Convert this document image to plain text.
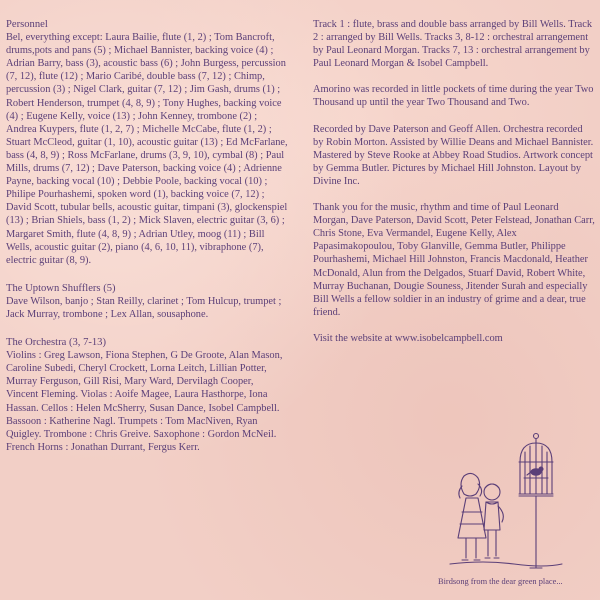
Personnel

Bel, everything except: Laura Bailie, flute (1, 2) ; Tom Bancroft, drums,pots and pans (5) ; Michael Bannister, backing voice (4) ; Adrian Barry, bass (3), acoustic bass (6) ; John Burgess, percussion (7, 12), flute (12) ; Mario Caribé, double bass (7, 12) ; Chimp, percussion (3) ; Nigel Clark, guitar (7, 12) ; Jim Gash, drums (1) ; Robert Henderson, trumpet (4, 8, 9) ; Tony Hughes, backing voice (4) ; Eugene Kelly, voice (13) ; John Kenney, trombone (2) ; Andrea Kuypers, flute (1, 2, 7) ; Michelle McCabe, flute (1, 2) ; Stuart McCleod, guitar (1, 10), acoustic guitar (13) ; Ed McFarlane, bass (4, 8, 9) ; Ross McFarlane, drums (3, 9, 10), cymbal (8) ; Paul Mills, drums (7, 12) ; Dave Paterson, backing voice (4) ; Adrienne Payne, backing vocal (10) ; Debbie Poole, backing vocal (10) ; Philipe Pourhashemi, spoken word (1), backing voice (7, 12) ; David Scott, tubular bells, acoustic guitar, timpani (3), glockenspiel (13) ; Brian Shiels, bass (1, 2) ; Mick Slaven, electric guitar (3, 6) ; Margaret Smith, flute (4, 8, 9) ; Adrian Utley, moog (11) ; Bill Wells, acoustic guitar (2), piano (4, 6, 10, 11), vibraphone (7), electric guitar (8, 9).

The Uptown Shufflers (5)

Dave Wilson, banjo ; Stan Reilly, clarinet ; Tom Hulcup, trumpet ; Jack Murray, trombone ; Lex Allan, sousaphone.

The Orchestra (3, 7-13)

Violins : Greg Lawson, Fiona Stephen, G De Groote, Alan Mason, Caroline Subedi, Cheryl Crockett, Lorna Leitch, Lillian Potter, Murray Ferguson, Gill Risi, Mary Ward, Dervilagh Cooper, Vincent Fleming. Violas : Aoife Magee, Laura Hasthorpe, Iona Hassan. Cellos : Helen McSherry, Susan Dance, Isobel Campbell. Bassoon : Katherine Nagl. Trumpets : Tom MacNiven, Ryan Quigley. Trombone : Chris Greive. Saxophone : Gordon McNeil. French Horns : Jonathan Durrant, Fergus Kerr.

Track 1 : flute, brass and double bass arranged by Bill Wells. Track 2 : arranged by Bill Wells. Tracks 3, 8-12 : orchestral arrangement by Paul Leonard Morgan. Tracks 7, 13 : orchestral arrangement by Paul Leonard Morgan & Isobel Campbell.

Amorino was recorded in little pockets of time during the year Two Thousand up until the year Two Thousand and Two.

Recorded by Dave Paterson and Geoff Allen. Orchestra recorded by Robin Morton. Assisted by Willie Deans and Michael Bannister. Mastered by Steve Rooke at Abbey Road Studios. Artwork concept by Gemma Butler. Pictures by Michael Hill Johnston. Layout by Divine Inc.

Thank you for the music, rhythm and time of Paul Leonard Morgan, Dave Paterson, David Scott, Peter Felstead, Jonathan Carr, Chris Stone, Eva Vermandel, Eugene Kelly, Alex Papasimakopoulou, Toby Glanville, Gemma Butler, Philippe Pourhashemi, Michael Hill Johnston, Francis Macdonald, Heather McDonald, Alun from the Delgados, Stuarf David, Robert White, Murray Buchanan, Dougie Souness, Jitender Surah and especially Bill Wells a fellow soldier in an industry of grime and a dear, true friend.

Visit the website at www.isobelcampbell.com

Birdsong from the dear green place...
